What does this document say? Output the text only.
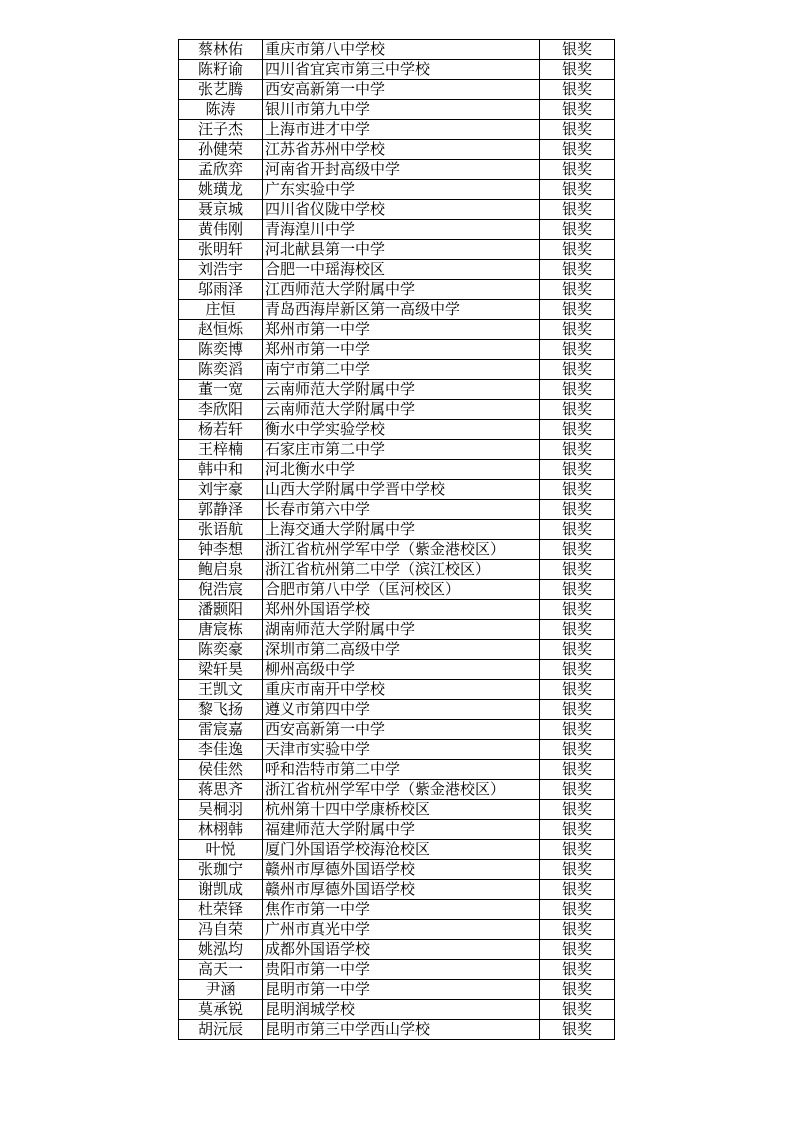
蔡林佑	重庆市第八中学校	银奖
陈籽谕	四川省宜宾市第三中学校	银奖
张艺腾	西安高新第一中学	银奖
陈涛	银川市第九中学	银奖
汪子杰	上海市进才中学	银奖
孙健荣	江苏省苏州中学校	银奖
孟欣弈	河南省开封高级中学	银奖
姚璜龙	广东实验中学	银奖
聂京城	四川省仪陇中学校	银奖
黄伟刚	青海湟川中学	银奖
张明轩	河北献县第一中学	银奖
刘浩宇	合肥一中瑶海校区	银奖
邬雨泽	江西师范大学附属中学	银奖
庄恒	青岛西海岸新区第一高级中学	银奖
赵恒烁	郑州市第一中学	银奖
陈奕博	郑州市第一中学	银奖
陈奕滔	南宁市第二中学	银奖
董一宽	云南师范大学附属中学	银奖
李欣阳	云南师范大学附属中学	银奖
杨若轩	衡水中学实验学校	银奖
王梓楠	石家庄市第二中学	银奖
韩中和	河北衡水中学	银奖
刘宇豪	山西大学附属中学晋中学校	银奖
郭静泽	长春市第六中学	银奖
张语航	上海交通大学附属中学	银奖
钟李想	浙江省杭州学军中学（紫金港校区）	银奖
鲍启泉	浙江省杭州第二中学（滨江校区）	银奖
倪浩宸	合肥市第八中学（匡河校区）	银奖
潘颢阳	郑州外国语学校	银奖
唐宸栋	湖南师范大学附属中学	银奖
陈奕豪	深圳市第二高级中学	银奖
梁轩昊	柳州高级中学	银奖
王凯文	重庆市南开中学校	银奖
黎飞扬	遵义市第四中学	银奖
雷宸嘉	西安高新第一中学	银奖
李佳逸	天津市实验中学	银奖
侯佳然	呼和浩特市第二中学	银奖
蒋思齐	浙江省杭州学军中学（紫金港校区）	银奖
吴桐羽	杭州第十四中学康桥校区	银奖
林栩韩	福建师范大学附属中学	银奖
叶悦	厦门外国语学校海沧校区	银奖
张珈宁	赣州市厚德外国语学校	银奖
谢凯成	赣州市厚德外国语学校	银奖
杜荣铎	焦作市第一中学	银奖
冯自荣	广州市真光中学	银奖
姚泓均	成都外国语学校	银奖
高天一	贵阳市第一中学	银奖
尹涵	昆明市第一中学	银奖
莫承锐	昆明润城学校	银奖
胡沅辰	昆明市第三中学西山学校	银奖
